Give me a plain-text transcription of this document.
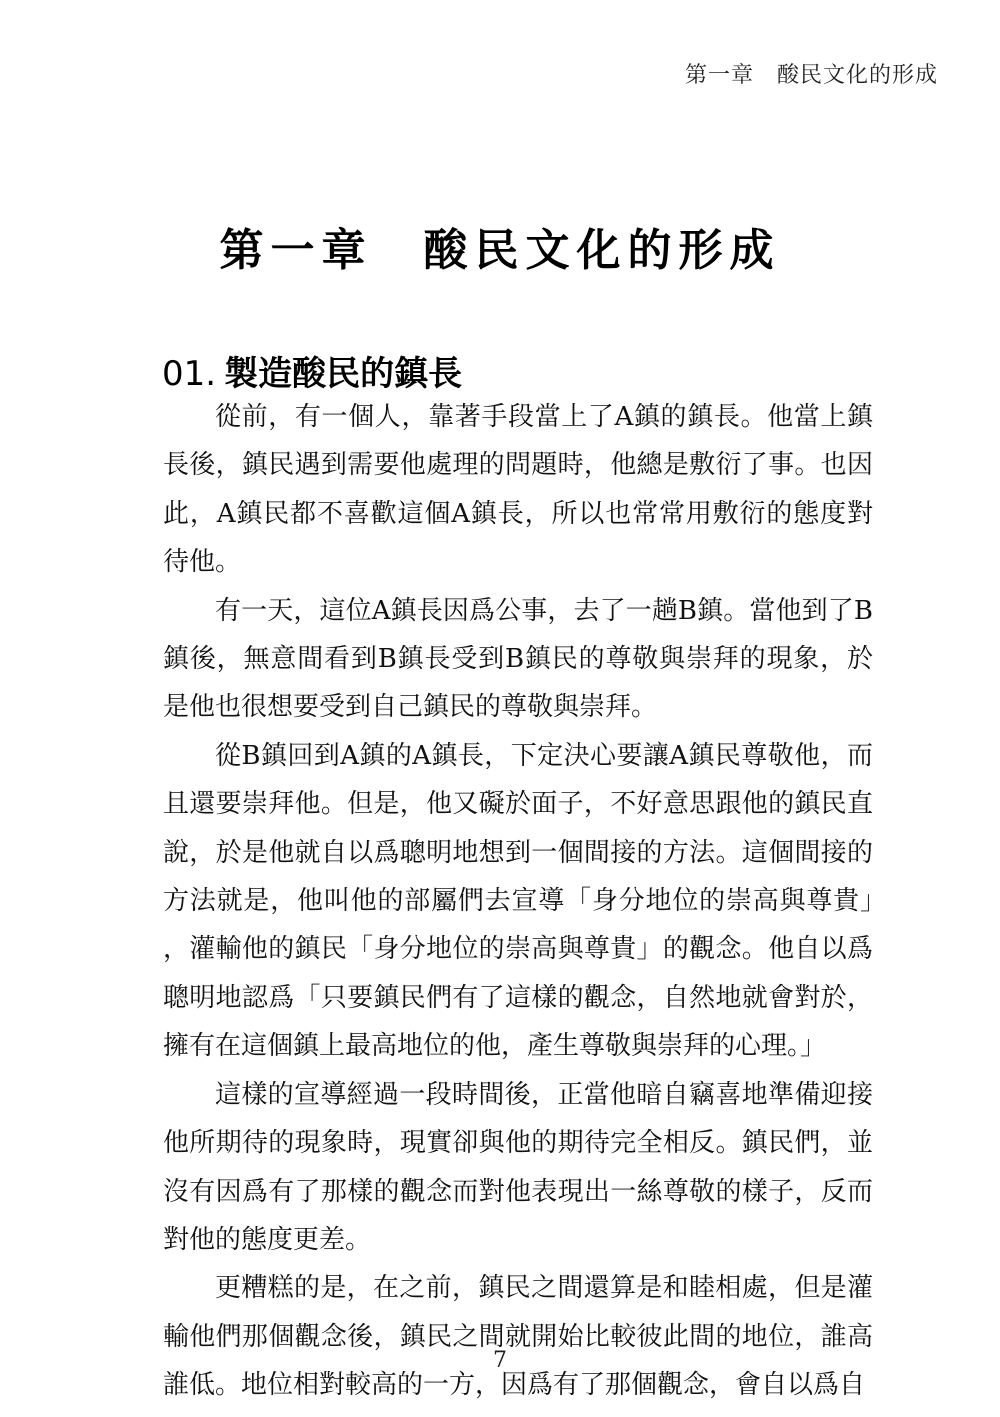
第一章　酸民文化的形成
第一章　酸民文化的形成
01. 製造酸民的鎮長

從前，有一個人，靠著手段當上了A鎮的鎮長。他當上鎮長後，鎮民遇到需要他處理的問題時，他總是敷衍了事。也因此，A鎮民都不喜歡這個A鎮長，所以也常常用敷衍的態度對待他。

有一天，這位A鎮長因爲公事，去了一趟B鎮。當他到了B鎮後，無意間看到B鎮長受到B鎮民的尊敬與崇拜的現象，於是他也很想要受到自己鎮民的尊敬與崇拜。

從B鎮回到A鎮的A鎮長，下定決心要讓A鎮民尊敬他，而且還要崇拜他。但是，他又礙於面子，不好意思跟他的鎮民直說，於是他就自以爲聰明地想到一個間接的方法。這個間接的方法就是，他叫他的部屬們去宣導「身分地位的崇高與尊貴」，灌輸他的鎮民「身分地位的崇高與尊貴」的觀念。他自以爲聰明地認爲「只要鎮民們有了這樣的觀念，自然地就會對於，擁有在這個鎮上最高地位的他，產生尊敬與崇拜的心理。」

這樣的宣導經過一段時間後，正當他暗自竊喜地準備迎接他所期待的現象時，現實卻與他的期待完全相反。鎮民們，並沒有因爲有了那樣的觀念而對他表現出一絲尊敬的樣子，反而對他的態度更差。

更糟糕的是，在之前，鎮民之間還算是和睦相處，但是灌輸他們那個觀念後，鎮民之間就開始比較彼此間的地位，誰高誰低。地位相對較高的一方，因爲有了那個觀念，會自以爲自

7
